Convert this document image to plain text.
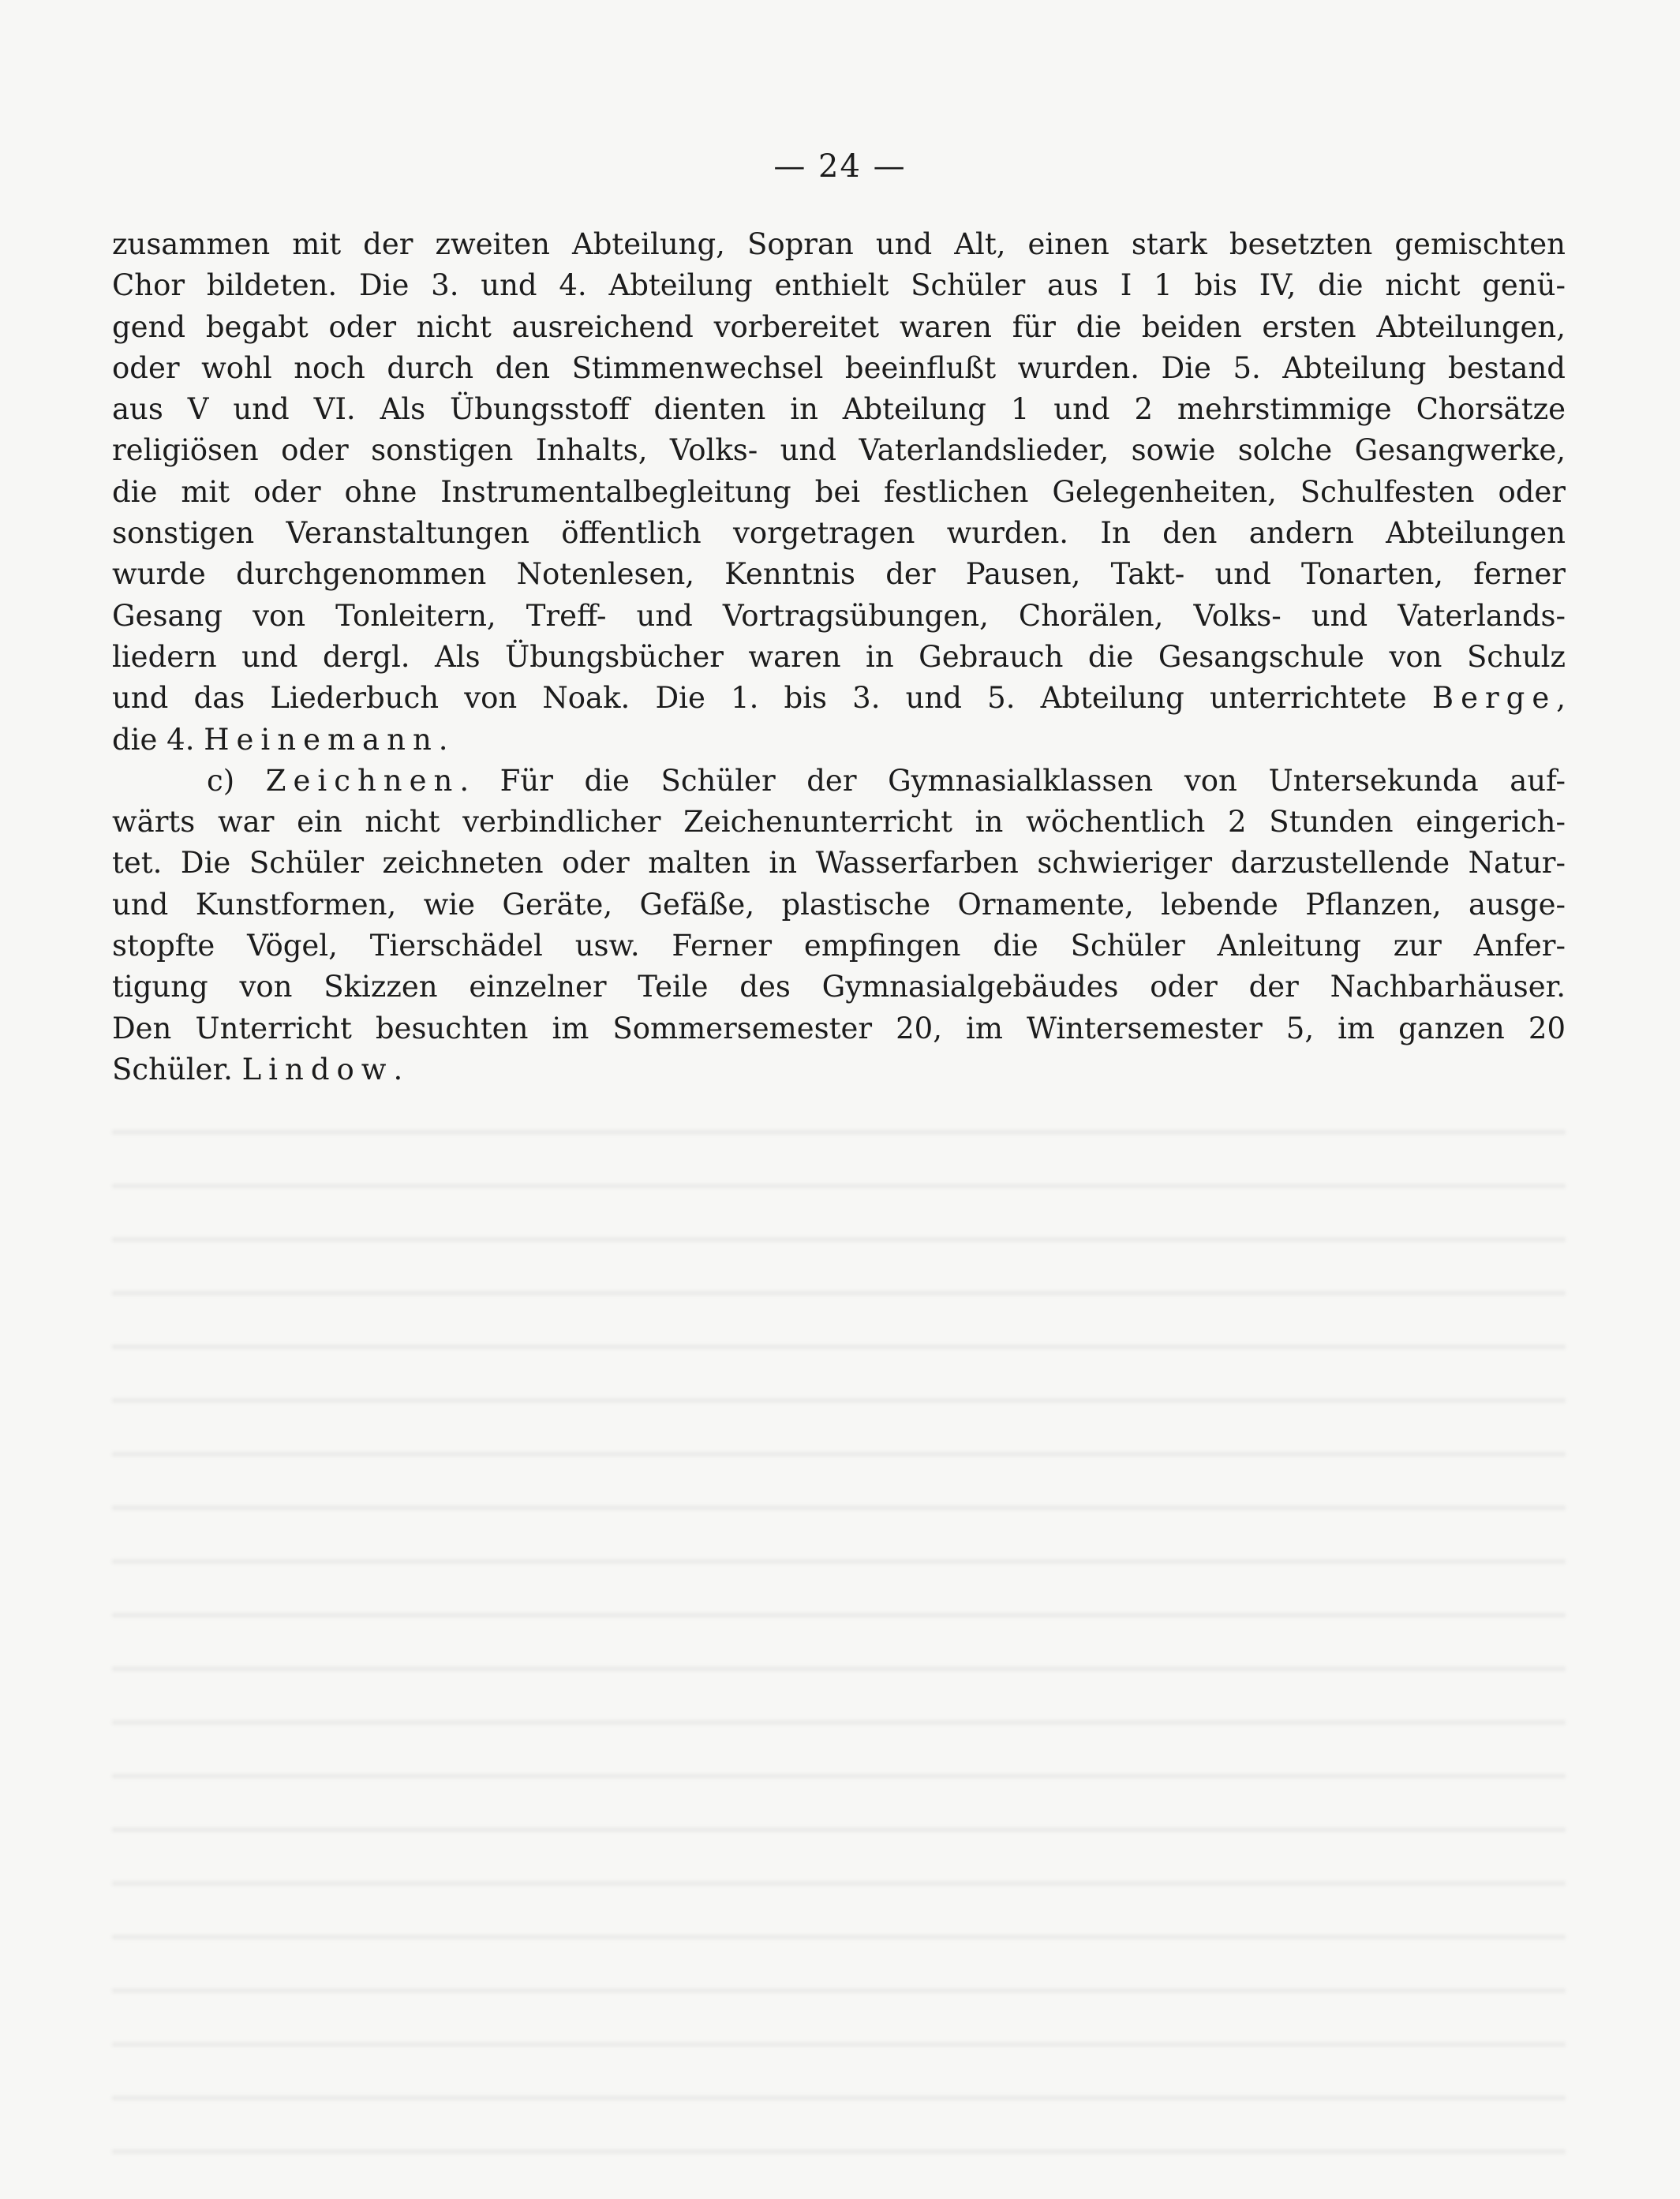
— 24 —
zusammen mit der zweiten Abteilung, Sopran und Alt, einen stark besetzten gemischten
Chor bildeten. Die 3. und 4. Abteilung enthielt Schüler aus I 1 bis IV, die nicht genü-
gend begabt oder nicht ausreichend vorbereitet waren für die beiden ersten Abteilungen,
oder wohl noch durch den Stimmenwechsel beeinflußt wurden. Die 5. Abteilung bestand
aus V und VI. Als Übungsstoff dienten in Abteilung 1 und 2 mehrstimmige Chorsätze
religiösen oder sonstigen Inhalts, Volks- und Vaterlandslieder, sowie solche Gesangwerke,
die mit oder ohne Instrumentalbegleitung bei festlichen Gelegenheiten, Schulfesten oder
sonstigen Veranstaltungen öffentlich vorgetragen wurden. In den andern Abteilungen
wurde durchgenommen Notenlesen, Kenntnis der Pausen, Takt- und Tonarten, ferner
Gesang von Tonleitern, Treff- und Vortragsübungen, Chorälen, Volks- und Vaterlands-
liedern und dergl. Als Übungsbücher waren in Gebrauch die Gesangschule von Schulz
und das Liederbuch von Noak. Die 1. bis 3. und 5. Abteilung unterrichtete Berge,
die 4. Heinemann.
c) Zeichnen. Für die Schüler der Gymnasialklassen von Untersekunda auf-
wärts war ein nicht verbindlicher Zeichenunterricht in wöchentlich 2 Stunden eingerich-
tet. Die Schüler zeichneten oder malten in Wasserfarben schwieriger darzustellende Natur-
und Kunstformen, wie Geräte, Gefäße, plastische Ornamente, lebende Pflanzen, ausge-
stopfte Vögel, Tierschädel usw. Ferner empfingen die Schüler Anleitung zur Anfer-
tigung von Skizzen einzelner Teile des Gymnasialgebäudes oder der Nachbarhäuser.
Den Unterricht besuchten im Sommersemester 20, im Wintersemester 5, im ganzen 20
Schüler. Lindow.
